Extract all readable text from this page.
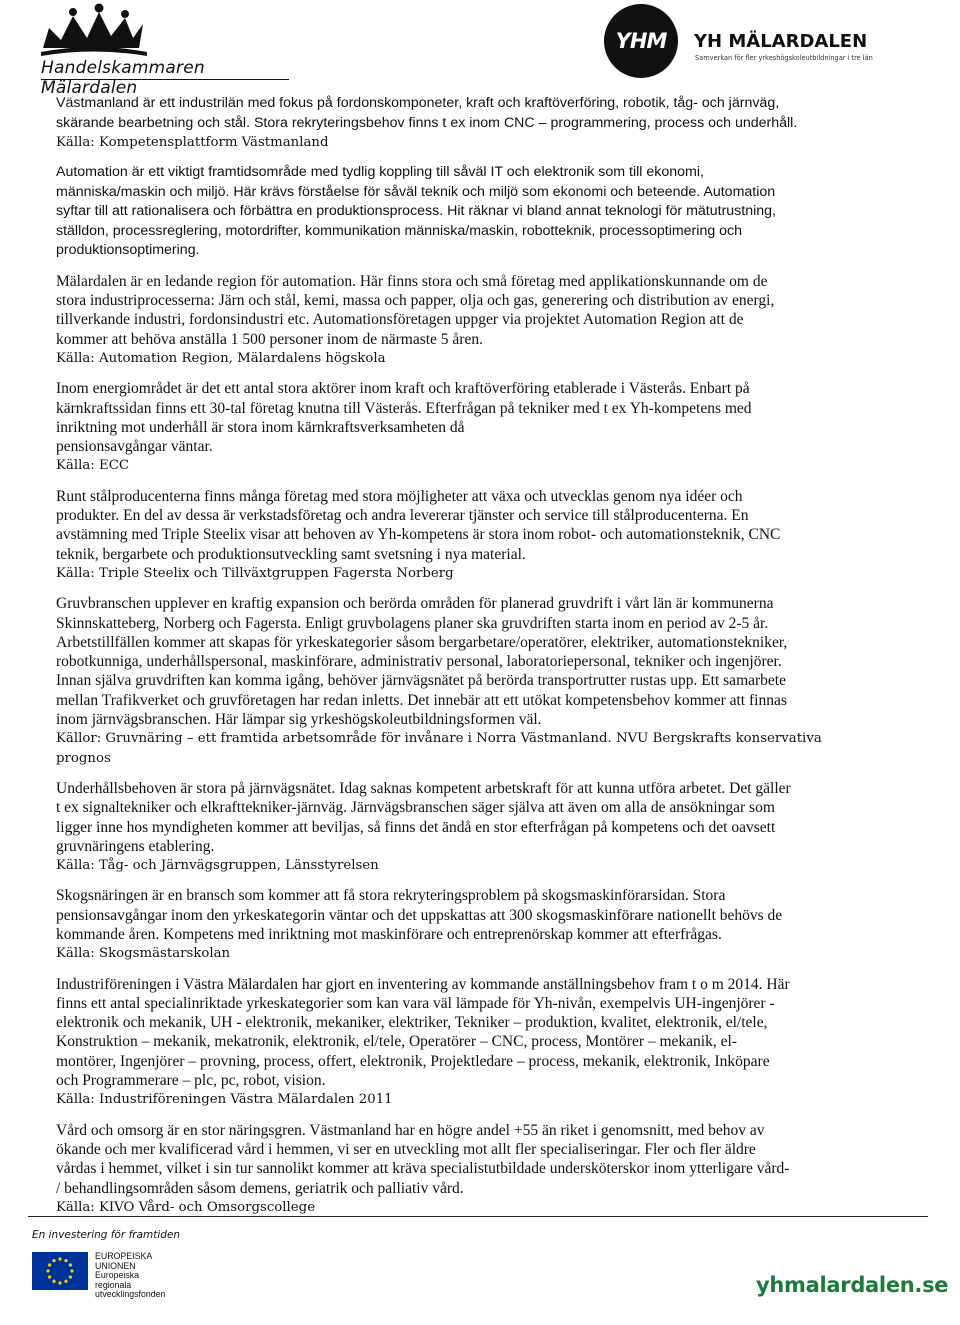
Handelskammaren Mälardalen
YHM	YH MÄLARDALEN
Samverkan för fler yrkeshögskoleutbildningar i tre län
Västmanland är ett industrilän med fokus på fordonskomponeter, kraft och kraftöverföring, robotik, tåg- och järnväg,
skärande bearbetning och stål. Stora rekryteringsbehov finns t ex inom CNC – programmering, process och underhåll.
Källa: Kompetensplattform Västmanland
Automation är ett viktigt framtidsområde med tydlig koppling till såväl IT och elektronik som till ekonomi,
människa/maskin och miljö. Här krävs förståelse för såväl teknik och miljö som ekonomi och beteende. Automation
syftar till att rationalisera och förbättra en produktionsprocess. Hit räknar vi bland annat teknologi för mätutrustning,
ställdon, processreglering, motordrifter, kommunikation människa/maskin, robotteknik, processoptimering och
produktionsoptimering.
Mälardalen är en ledande region för automation. Här finns stora och små företag med applikationskunnande om de
stora industriprocesserna: Järn och stål, kemi, massa och papper, olja och gas, generering och distribution av energi,
tillverkande industri, fordonsindustri etc. Automationsföretagen uppger via projektet Automation Region att de
kommer att behöva anställa 1 500 personer inom de närmaste 5 åren.
Källa: Automation Region, Mälardalens högskola
Inom energiområdet är det ett antal stora aktörer inom kraft och kraftöverföring etablerade i Västerås. Enbart på
kärnkraftssidan finns ett 30-tal företag knutna till Västerås. Efterfrågan på tekniker med t ex Yh-kompetens med
inriktning mot underhåll är stora inom kärnkraftsverksamheten då
pensionsavgångar väntar.
Källa: ECC
Runt stålproducenterna finns många företag med stora möjligheter att växa och utvecklas genom nya idéer och
produkter. En del av dessa är verkstadsföretag och andra levererar tjänster och service till stålproducenterna. En
avstämning med Triple Steelix visar att behoven av Yh-kompetens är stora inom robot- och automationsteknik, CNC
teknik, bergarbete och produktionsutveckling samt svetsning i nya material.
Källa: Triple Steelix och Tillväxtgruppen Fagersta Norberg
Gruvbranschen upplever en kraftig expansion och berörda områden för planerad gruvdrift i vårt län är kommunerna
Skinnskatteberg, Norberg och Fagersta. Enligt gruvbolagens planer ska gruvdriften starta inom en period av 2-5 år.
Arbetstillfällen kommer att skapas för yrkeskategorier såsom bergarbetare/operatörer, elektriker, automationstekniker,
robotkunniga, underhållspersonal, maskinförare, administrativ personal, laboratoriepersonal, tekniker och ingenjörer.
Innan själva gruvdriften kan komma igång, behöver järnvägsnätet på berörda transportrutter rustas upp. Ett samarbete
mellan Trafikverket och gruvföretagen har redan inletts. Det innebär att ett utökat kompetensbehov kommer att finnas
inom järnvägsbranschen. Här lämpar sig yrkeshögskoleutbildningsformen väl.
Källor: Gruvnäring – ett framtida arbetsområde för invånare i Norra Västmanland. NVU Bergskrafts konservativa
prognos
Underhållsbehoven är stora på järnvägsnätet. Idag saknas kompetent arbetskraft för att kunna utföra arbetet. Det gäller
t ex signaltekniker och elkrafttekniker-järnväg. Järnvägsbranschen säger själva att även om alla de ansökningar som
ligger inne hos myndigheten kommer att beviljas, så finns det ändå en stor efterfrågan på kompetens och det oavsett
gruvnäringens etablering.
Källa: Tåg- och Järnvägsgruppen, Länsstyrelsen
Skogsnäringen är en bransch som kommer att få stora rekryteringsproblem på skogsmaskinförarsidan. Stora
pensionsavgångar inom den yrkeskategorin väntar och det uppskattas att 300 skogsmaskinförare nationellt behövs de
kommande åren. Kompetens med inriktning mot maskinförare och entreprenörskap kommer att efterfrågas.
Källa: Skogsmästarskolan
Industriföreningen i Västra Mälardalen har gjort en inventering av kommande anställningsbehov fram t o m 2014. Här
finns ett antal specialinriktade yrkeskategorier som kan vara väl lämpade för Yh-nivån, exempelvis UH-ingenjörer -
elektronik och mekanik, UH - elektronik, mekaniker, elektriker, Tekniker – produktion, kvalitet, elektronik, el/tele,
Konstruktion – mekanik, mekatronik, elektronik, el/tele, Operatörer – CNC, process, Montörer – mekanik, el-
montörer, Ingenjörer – provning, process, offert, elektronik, Projektledare – process, mekanik, elektronik, Inköpare
och Programmerare – plc, pc, robot, vision.
Källa: Industriföreningen Västra Mälardalen 2011
Vård och omsorg är en stor näringsgren. Västmanland har en högre andel +55 än riket i genomsnitt, med behov av
ökande och mer kvalificerad vård i hemmen, vi ser en utveckling mot allt fler specialiseringar. Fler och fler äldre
vårdas i hemmet, vilket i sin tur sannolikt kommer att kräva specialistutbildade undersköterskor inom ytterligare vård-
/ behandlingsområden såsom demens, geriatrik och palliativ vård.
Källa: KIVO Vård- och Omsorgscollege
En investering för framtiden
EUROPEISKA
UNIONEN
Europeiska
regionala
utvecklingsfonden	yhmalardalen.se
